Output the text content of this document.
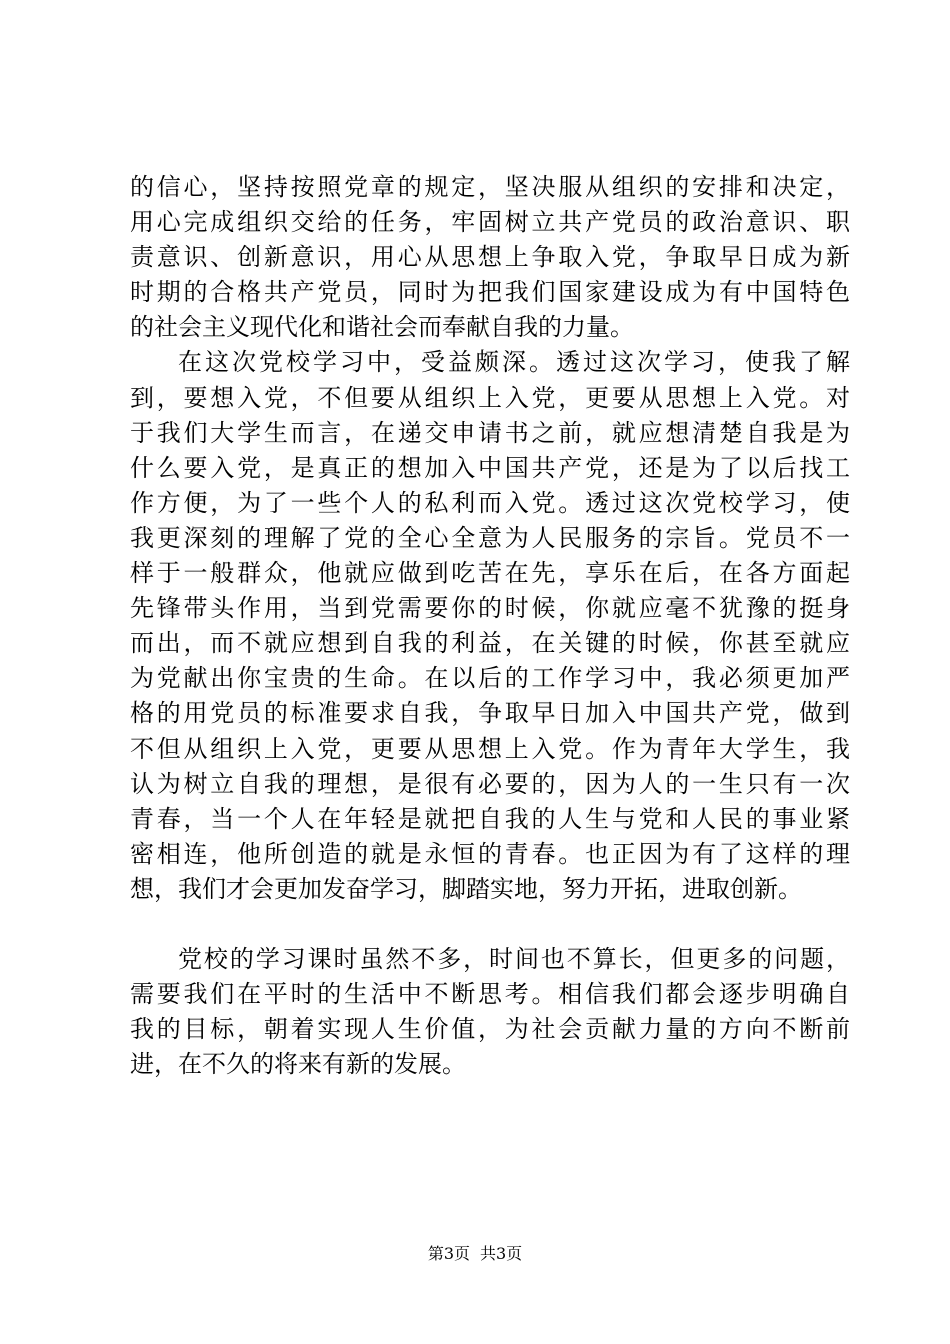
的信心，坚持按照党章的规定，坚决服从组织的安排和决定，
用心完成组织交给的任务，牢固树立共产党员的政治意识、职
责意识、创新意识，用心从思想上争取入党，争取早日成为新
时期的合格共产党员，同时为把我们国家建设成为有中国特色
的社会主义现代化和谐社会而奉献自我的力量。
在这次党校学习中，受益颇深。透过这次学习，使我了解
到，要想入党，不但要从组织上入党，更要从思想上入党。对
于我们大学生而言，在递交申请书之前，就应想清楚自我是为
什么要入党，是真正的想加入中国共产党，还是为了以后找工
作方便，为了一些个人的私利而入党。透过这次党校学习，使
我更深刻的理解了党的全心全意为人民服务的宗旨。党员不一
样于一般群众，他就应做到吃苦在先，享乐在后，在各方面起
先锋带头作用，当到党需要你的时候，你就应毫不犹豫的挺身
而出，而不就应想到自我的利益，在关键的时候，你甚至就应
为党献出你宝贵的生命。在以后的工作学习中，我必须更加严
格的用党员的标准要求自我，争取早日加入中国共产党，做到
不但从组织上入党，更要从思想上入党。作为青年大学生，我
认为树立自我的理想，是很有必要的，因为人的一生只有一次
青春，当一个人在年轻是就把自我的人生与党和人民的事业紧
密相连，他所创造的就是永恒的青春。也正因为有了这样的理
想，我们才会更加发奋学习，脚踏实地，努力开拓，进取创新。
党校的学习课时虽然不多，时间也不算长，但更多的问题，
需要我们在平时的生活中不断思考。相信我们都会逐步明确自
我的目标，朝着实现人生价值，为社会贡献力量的方向不断前
进，在不久的将来有新的发展。
第3页 共3页
